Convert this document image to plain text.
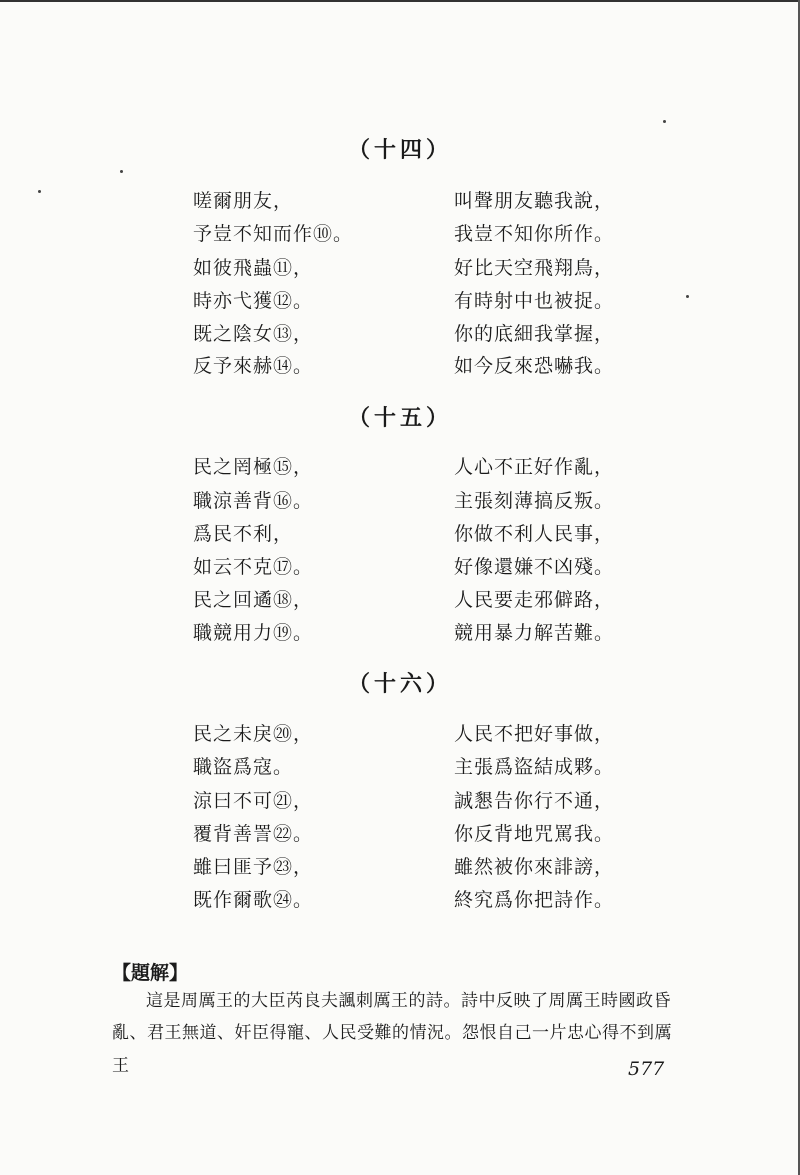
（十四）
嗟爾朋友，	叫聲朋友聽我說，
予豈不知而作⑩。	我豈不知你所作。
如彼飛蟲⑪，	好比天空飛翔鳥，
時亦弋獲⑫。	有時射中也被捉。
既之陰女⑬，	你的底細我掌握，
反予來赫⑭。	如今反來恐嚇我。
（十五）
民之罔極⑮，	人心不正好作亂，
職涼善背⑯。	主張刻薄搞反叛。
爲民不利，	你做不利人民事，
如云不克⑰。	好像還嫌不凶殘。
民之回遹⑱，	人民要走邪僻路，
職競用力⑲。	競用暴力解苦難。
（十六）
民之未戾⑳，	人民不把好事做，
職盜爲寇。	主張爲盜結成夥。
涼曰不可㉑，	誠懇告你行不通，
覆背善詈㉒。	你反背地咒罵我。
雖曰匪予㉓，	雖然被你來誹謗，
既作爾歌㉔。	終究爲你把詩作。
【題解】
這是周厲王的大臣芮良夫諷刺厲王的詩。詩中反映了周厲王時國政昏
亂、君王無道、奸臣得寵、人民受難的情況。怨恨自己一片忠心得不到厲王	577
